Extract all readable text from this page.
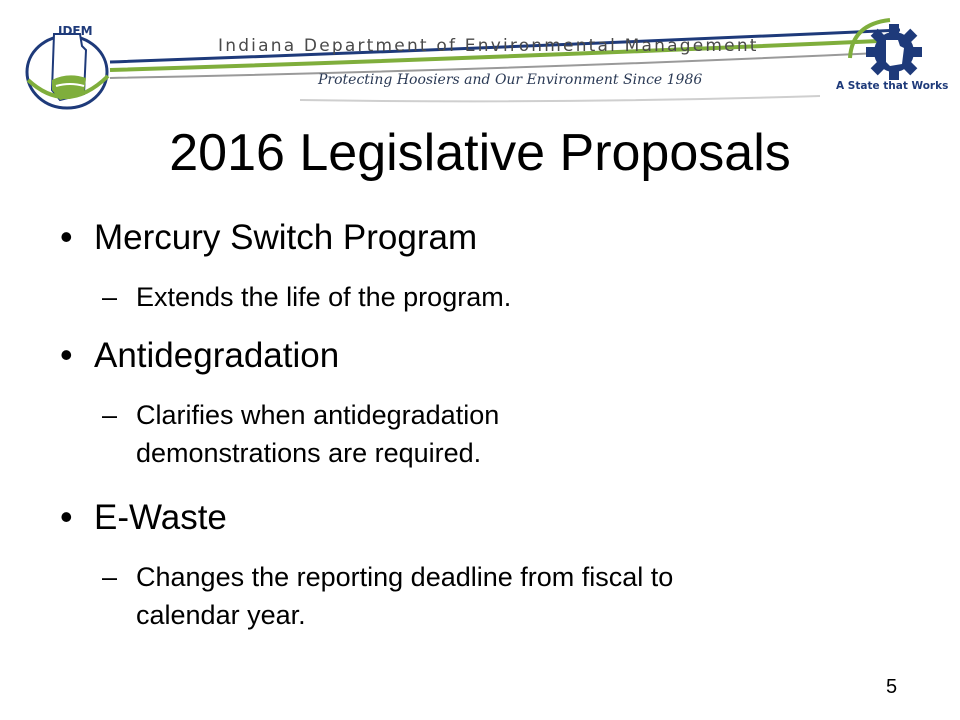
IDEM
Indiana Department of Environmental Management
Protecting Hoosiers and Our Environment Since 1986	A State that Works
2016 Legislative Proposals
• Mercury Switch Program
– Extends the life of the program.
• Antidegradation
– Clarifies when antidegradation
demonstrations are required.
• E-Waste
– Changes the reporting deadline from fiscal to
calendar year.
5
